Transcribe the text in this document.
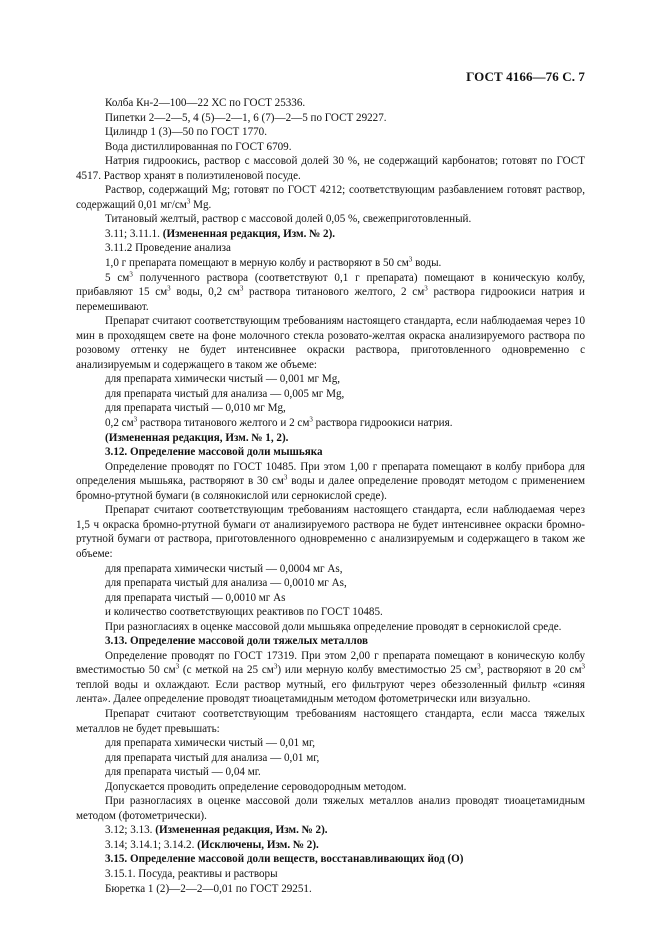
ГОСТ 4166—76 С. 7

Колба Кн-2—100—22 ХС по ГОСТ 25336.

Пипетки 2—2—5, 4 (5)—2—1, 6 (7)—2—5 по ГОСТ 29227.

Цилиндр 1 (3)—50 по ГОСТ 1770.

Вода дистиллированная по ГОСТ 6709.

Натрия гидроокись, раствор с массовой долей 30 %, не содержащий карбонатов; готовят по ГОСТ 4517. Раствор хранят в полиэтиленовой посуде.

Раствор, содержащий Mg; готовят по ГОСТ 4212; соответствующим разбавлением готовят раствор, содержащий 0,01 $мг/см^3$ Mg.

Титановый желтый, раствор с массовой долей 0,05 %, свежеприготовленный.

3.11; 3.11.1. (Измененная редакция, Изм. № 2).

3.11.2 Проведение анализа

1,0 г препарата помещают в мерную колбу и растворяют в 50 $см^3$ воды.

5 $см^3$ полученного раствора (соответствуют 0,1 г препарата) помещают в коническую колбу, прибавляют 15 $см^3$ воды, 0,2 $см^3$ раствора титанового желтого, 2 $см^3$ раствора гидроокиси натрия и перемешивают.

Препарат считают соответствующим требованиям настоящего стандарта, если наблюдаемая через 10 мин в проходящем свете на фоне молочного стекла розовато-желтая окраска анализируемого раствора по розовому оттенку не будет интенсивнее окраски раствора, приготовленного одновременно с анализируемым и содержащего в таком же объеме:

для препарата химически чистый — 0,001 мг Mg,

для препарата чистый для анализа — 0,005 мг Mg,

для препарата чистый — 0,010 мг Mg,

0,2 $см^3$ раствора титанового желтого и 2 $см^3$ раствора гидроокиси натрия.

(Измененная редакция, Изм. № 1, 2).

3.12. Определение массовой доли мышьяка

Определение проводят по ГОСТ 10485. При этом 1,00 г препарата помещают в колбу прибора для определения мышьяка, растворяют в 30 $см^3$ воды и далее определение проводят методом с применением бромно-ртутной бумаги (в солянокислой или сернокислой среде).

Препарат считают соответствующим требованиям настоящего стандарта, если наблюдаемая через 1,5 ч окраска бромно-ртутной бумаги от анализируемого раствора не будет интенсивнее окраски бромно-ртутной бумаги от раствора, приготовленного одновременно с анализируемым и содержащего в таком же объеме:

для препарата химически чистый — 0,0004 мг As,

для препарата чистый для анализа — 0,0010 мг As,

для препарата чистый — 0,0010 мг As

и количество соответствующих реактивов по ГОСТ 10485.

При разногласиях в оценке массовой доли мышьяка определение проводят в сернокислой среде.

3.13. Определение массовой доли тяжелых металлов

Определение проводят по ГОСТ 17319. При этом 2,00 г препарата помещают в коническую колбу вместимостью 50 $см^3$ (с меткой на 25 $см^3$) или мерную колбу вместимостью 25 $см^3$, растворяют в 20 $см^3$ теплой воды и охлаждают. Если раствор мутный, его фильтруют через обеззоленный фильтр «синяя лента». Далее определение проводят тиоацетамидным методом фотометрически или визуально.

Препарат считают соответствующим требованиям настоящего стандарта, если масса тяжелых металлов не будет превышать:

для препарата химически чистый — 0,01 мг,

для препарата чистый для анализа — 0,01 мг,

для препарата чистый — 0,04 мг.

Допускается проводить определение сероводородным методом.

При разногласиях в оценке массовой доли тяжелых металлов анализ проводят тиоацетамидным методом (фотометрически).

3.12; 3.13. (Измененная редакция, Изм. № 2).

3.14; 3.14.1; 3.14.2. (Исключены, Изм. № 2).

3.15. Определение массовой доли веществ, восстанавливающих йод (О)

3.15.1. Посуда, реактивы и растворы

Бюретка 1 (2)—2—2—0,01 по ГОСТ 29251.
